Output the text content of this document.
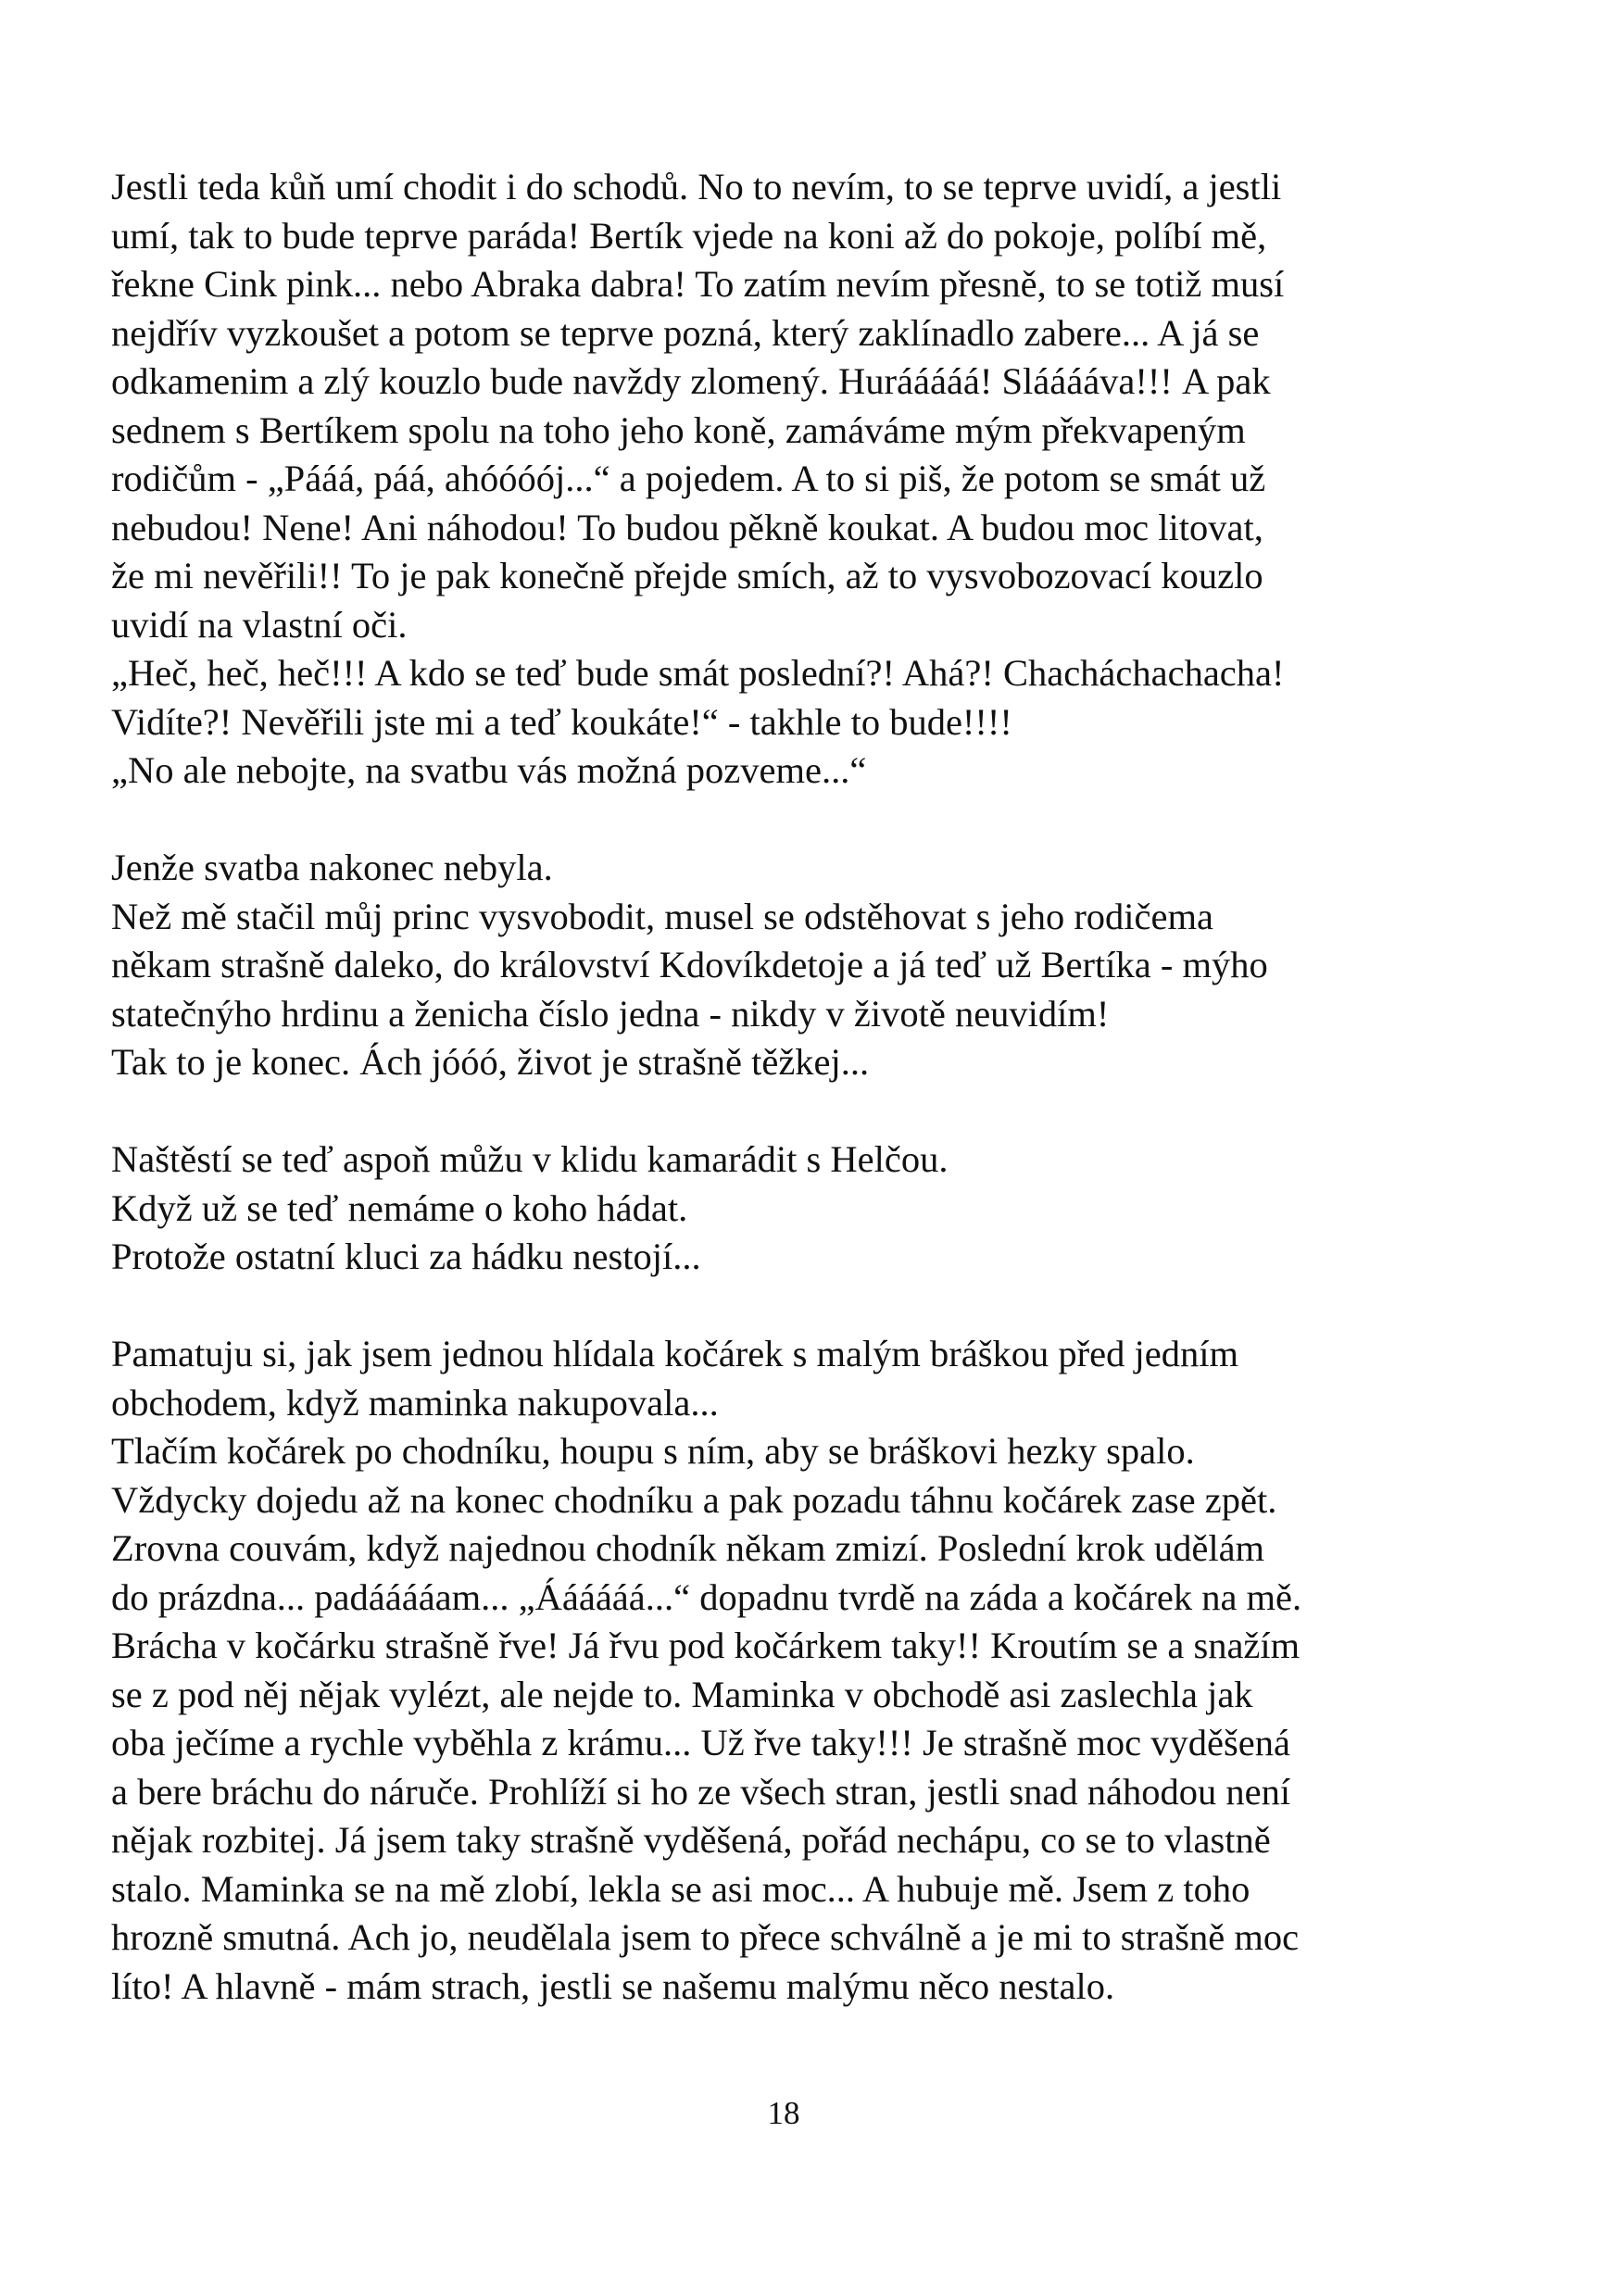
Jestli teda kůň umí chodit i do schodů. No to nevím, to se teprve uvidí, a jestli
umí, tak to bude teprve paráda! Bertík vjede na koni až do pokoje, políbí mě,
řekne Cink pink... nebo Abraka dabra! To zatím nevím přesně, to se totiž musí
nejdřív vyzkoušet a potom se teprve pozná, který zaklínadlo zabere... A já se
odkamenim a zlý kouzlo bude navždy zlomený. Hurááááá! Sláááávа!!! A pak
sednem s Bertíkem spolu na toho jeho koně, zamáváme mým překvapeným
rodičům - „Pááá, páá, ahóóóój...“ a pojedem. A to si piš, že potom se smát už
nebudou! Nene! Ani náhodou! To budou pěkně koukat. A budou moc litovat,
že mi nevěřili!! To je pak konečně přejde smích, až to vysvobozovací kouzlo
uvidí na vlastní oči.
„Heč, heč, heč!!! A kdo se teď bude smát poslední?! Ahá?! Chacháchachacha!
Vidíte?! Nevěřili jste mi a teď koukáte!“ - takhle to bude!!!!
„No ale nebojte, na svatbu vás možná pozveme...“
Jenže svatba nakonec nebyla.
Než mě stačil můj princ vysvobodit, musel se odstěhovat s jeho rodičema
někam strašně daleko, do království Kdovíkdetoje a já teď už Bertíka - mýho
statečnýho hrdinu a ženicha číslo jedna - nikdy v životě neuvidím!
Tak to je konec. Ách jóóó, život je strašně těžkej...
Naštěstí se teď aspoň můžu v klidu kamarádit s Helčou.
Když už se teď nemáme o koho hádat.
Protože ostatní kluci za hádku nestojí...
Pamatuju si, jak jsem jednou hlídala kočárek s malým bráškou před jedním
obchodem, když maminka nakupovala...
Tlačím kočárek po chodníku, houpu s ním, aby se bráškovi hezky spalo.
Vždycky dojedu až na konec chodníku a pak pozadu táhnu kočárek zase zpět.
Zrovna couvám, když najednou chodník někam zmizí. Poslední krok udělám
do prázdna... padááááam... „Áááááá...“ dopadnu tvrdě na záda a kočárek na mě.
Brácha v kočárku strašně řve! Já řvu pod kočárkem taky!! Kroutím se a snažím
se z pod něj nějak vylézt, ale nejde to. Maminka v obchodě asi zaslechla jak
oba ječíme a rychle vyběhla z krámu... Už řve taky!!! Je strašně moc vyděšená
a bere bráchu do náruče. Prohlíží si ho ze všech stran, jestli snad náhodou není
nějak rozbitej. Já jsem taky strašně vyděšená, pořád nechápu, co se to vlastně
stalo. Maminka se na mě zlobí, lekla se asi moc... A hubuje mě. Jsem z toho
hrozně smutná. Ach jo, neudělala jsem to přece schválně a je mi to strašně moc
líto! A hlavně - mám strach, jestli se našemu malýmu něco nestalo.
18
